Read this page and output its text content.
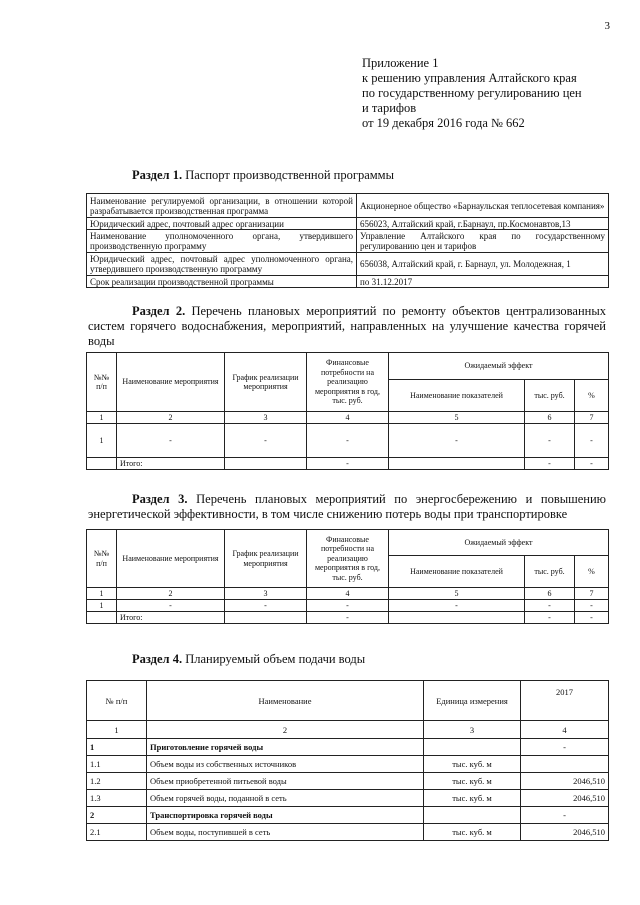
3
Приложение 1
к решению управления Алтайского края
по государственному регулированию цен
и тарифов
от 19 декабря 2016 года № 662
Раздел 1. Паспорт производственной программы
Наименование регулируемой организации, в отношении которой разрабатывается производственная программа	Акционерное общество «Барнаульская теплосетевая компания»
Юридический адрес, почтовый адрес организации	656023, Алтайский край, г.Барнаул, пр.Космонавтов,13
Наименование уполномоченного органа, утвердившего производственную программу	Управление Алтайского края по государственному регулированию цен и тарифов
Юридический адрес, почтовый адрес уполномоченного органа, утвердившего производственную программу	656038, Алтайский край, г. Барнаул, ул. Молодежная, 1
Срок реализации производственной программы	по 31.12.2017
Раздел 2. Перечень плановых мероприятий по ремонту объектов централизованных систем горячего водоснабжения, мероприятий, направленных на улучшение качества горячей воды
№№ п/п	Наименование мероприятия	График реализации мероприятия	Финансовые потребности на реализацию мероприятия в год, тыс. руб.	Ожидаемый эффект		
				Наименование показателей	тыс. руб.	%
1	2	3	4	5	6	7
1	-	-	-	-	-	-
	Итого:		-		-	-
Раздел 3. Перечень плановых мероприятий по энергосбережению и повышению энергетической эффективности, в том числе снижению потерь воды при транспортировке
№№ п/п	Наименование мероприятия	График реализации мероприятия	Финансовые потребности на реализацию мероприятия в год, тыс. руб.	Ожидаемый эффект		
				Наименование показателей	тыс. руб.	%
1	2	3	4	5	6	7
1	-	-	-	-	-	-
	Итого:		-		-	-
Раздел 4. Планируемый объем подачи воды
№ п/п	Наименование	Единица измерения	2017
1	2	3	4
1	Приготовление горячей воды		-
1.1	Объем воды из собственных источников	тыс. куб. м	
1.2	Объем приобретенной питьевой воды	тыс. куб. м	2046,510
1.3	Объем горячей воды, поданной в сеть	тыс. куб. м	2046,510
2	Транспортировка горячей воды		-
2.1	Объем воды, поступившей в сеть	тыс. куб. м	2046,510
